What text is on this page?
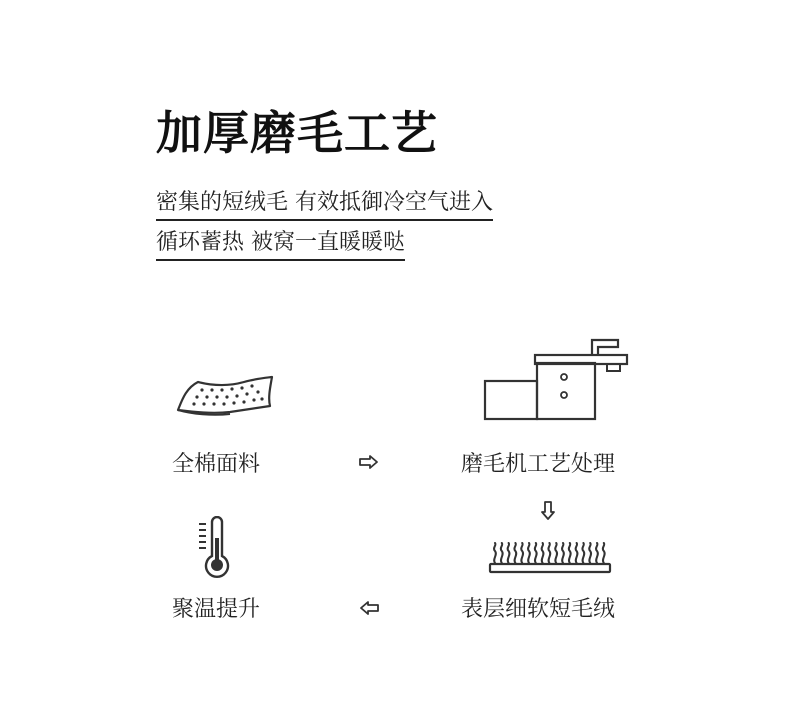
加厚磨毛工艺
密集的短绒毛 有效抵御冷空气进入
循环蓄热 被窝一直暖暖哒
全棉面料	磨毛机工艺处理
表层细软短毛绒
聚温提升
